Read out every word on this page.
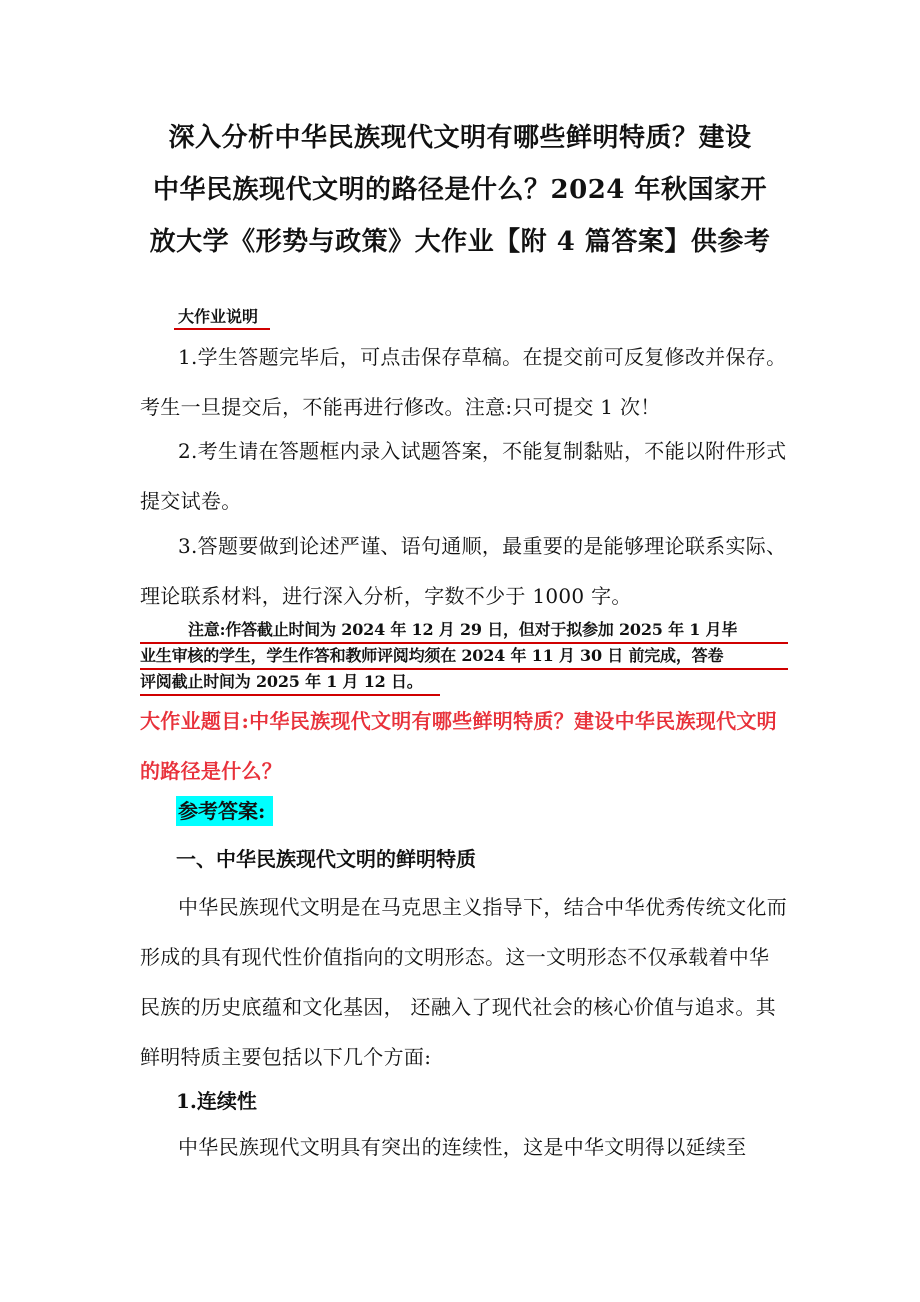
深入分析中华民族现代文明有哪些鲜明特质？建设
中华民族现代文明的路径是什么？2024 年秋国家开
放大学《形势与政策》大作业【附 4 篇答案】供参考
大作业说明
1.学生答题完毕后，可点击保存草稿。在提交前可反复修改并保存。考生一旦提交后，不能再进行修改。注意:只可提交 1 次！
2.考生请在答题框内录入试题答案，不能复制黏贴，不能以附件形式提交试卷。
3.答题要做到论述严谨、语句通顺，最重要的是能够理论联系实际、理论联系材料，进行深入分析，字数不少于 1000 字。
注意:作答截止时间为 2024 年 12 月 29 日，但对于拟参加 2025 年 1 月毕
业生审核的学生，学生作答和教师评阅均须在 2024 年 11 月 30 日 前完成，答卷
评阅截止时间为 2025 年 1 月 12 日。
大作业题目:中华民族现代文明有哪些鲜明特质？建设中华民族现代文明的路径是什么？
参考答案:
一、中华民族现代文明的鲜明特质
中华民族现代文明是在马克思主义指导下，结合中华优秀传统文化而形成的具有现代性价值指向的文明形态。这一文明形态不仅承载着中华民族的历史底蕴和文化基因， 还融入了现代社会的核心价值与追求。其鲜明特质主要包括以下几个方面:
1.连续性
中华民族现代文明具有突出的连续性，这是中华文明得以延续至
